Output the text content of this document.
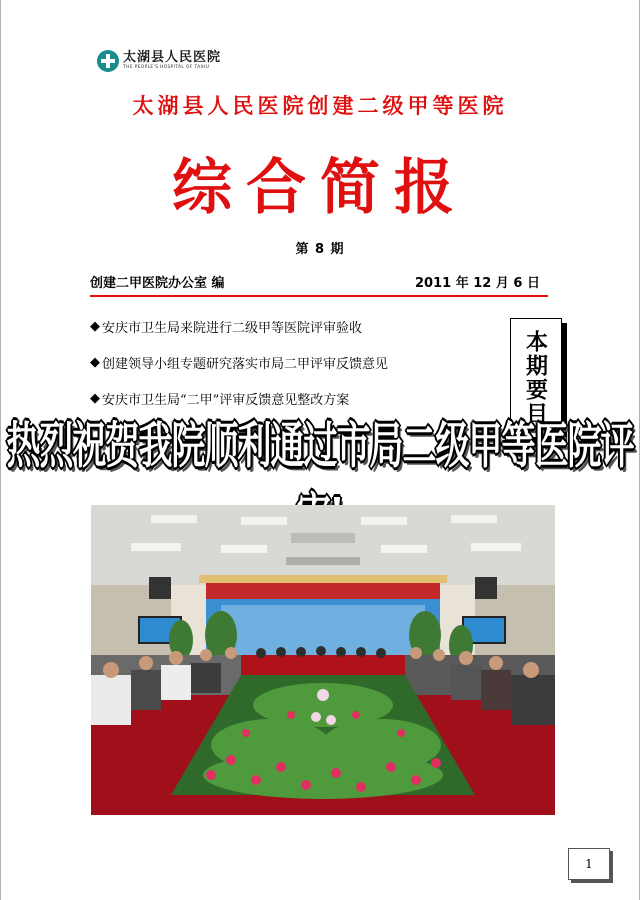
太湖县人民医院
THE PEOPLE'S HOSPITAL OF TAIHU
太湖县人民医院创建二级甲等医院
综合简报
第 8 期
创建二甲医院办公室 编	2011 年 12 月 6 日
◆ 安庆市卫生局来院进行二级甲等医院评审验收
◆ 创建领导小组专题研究落实市局二甲评审反馈意见
◆ 安庆市卫生局“二甲”评审反馈意见整改方案	本期要目
热烈祝贺我院顺利通过市局二级甲等医院评
1
